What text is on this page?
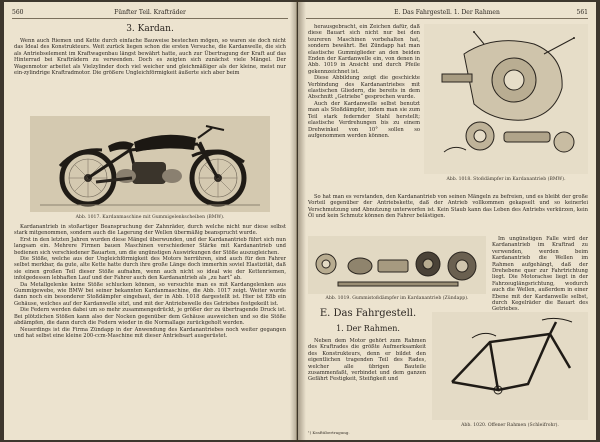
560	Fünfter Teil. Krafträder
3. Kardan.

Wenn auch Riemen und Kette durch einfache Bauweise bestechen mögen, so waren sie doch nicht das Ideal des Konstrukteurs. Weit zurück liegen schon die ersten Versuche, die Kardanwelle, die sich als Antriebselement im Kraftwagenbau längst bewährt hatte, auch zur Übertragung der Kraft auf das Hinterrad bei Krafträdern zu verwenden. Doch es zeigten sich zunächst viele Mängel. Der Wagenmotor arbeitet als Vielzylinder doch viel weicher und gleichmäßiger als der kleine, meist nur ein-zylindrige Kraftradmotor. Die größere Ungleichförmigkeit äußerte sich aber beim

Abb. 1017. Kardanmaschine mit Gummigelenkscheiben (BMW).

Kardanantrieb in stoßartiger Beanspruchung der Zahnräder, durch welche nicht nur diese selbst stark mitgenommen, sondern auch die Lagerung der Wellen übermäßig beansprucht wurde.

Erst in den letzten Jahren wurden diese Mängel überwunden, und der Kardanantrieb führt sich nun langsam ein. Mehrere Firmen bauen Maschinen verschiedener Stärke mit Kardanantrieb und bedienen sich verschiedener Bauarten, um die ungünstigen Auswirkungen der Stöße auszugleichen.

Die Stöße, welche aus der Ungleichförmigkeit des Motors herrühren, sind auch für den Fahrer selbst merkbar, da gute, alte Kette hatte durch ihre große Länge doch immerhin soviel Elastizität, daß sie einen großen Teil dieser Stöße aufnahm, wenn auch nicht so ideal wie der Kettenriemen, infolgedessen lebhaften Lauf und der Fahrer auch den Kardanantrieb als „zu hart“ ab.

Da Metallgelenke keine Stöße schlucken können, so versuchte man es mit Kardangelenken aus Gummigewebe, wie BMW bei seiner bekannten Kardanmaschine, die Abb. 1017 zeigt. Weiter wurde dann noch ein besonderer Stoßdämpfer eingebaut, der in Abb. 1018 dargestellt ist. Hier ist E8b ein Gehäuse, welches auf der Kardanwelle sitzt, und mit der Antriebswelle des Getriebes festgekeilt ist.

Die Federn werden dabei um so mehr zusammengedrückt, je größer der zu übertragende Druck ist. Bei plötzlichen Stößen kann also der Nocken gegenüber dem Gehäuse ausweichen und so die Stöße abdämpfen, die dann durch die Federn wieder in die Normallage zurückgeholt werden.

Neuerdings ist die Firma Zündapp in der Anwendung des Kardanantriebes noch weiter gegangen und hat selbst eine kleine 200-ccm-Maschine mit dieser Antriebsart ausgerüstet.

E. Das Fahrgestell. 1. Der Rahmen	561

herausgebracht, ein Zeichen dafür, daß diese Bauart sich nicht nur bei den teureren Maschinen vorbehalten hat, sondern bewährt. Bei Zündapp hat man elastische Gummiglieder an den beiden Enden der Kardanwelle ein, von denen in Abb. 1019 in Ansicht und durch Pfeile gekennzeichnet ist.

Diese Abbildung zeigt die geschickte Verbindung des Kardanantriebes mit elastischen Gliedern, die bereits in dem Abschnitt „Getriebe“ gesprochen wurde.

Auch der Kardanwelle selbst benutzt man als Stoßdämpfer, indem man sie zum Teil stark federnder Stahl herstellt; elastische Verdrehungen bis zu einem Drehwinkel von 10° sollen so aufgenommen werden können.

Abb. 1018. Stoßdämpfer im Kardanantrieb (BMW).

So hat man es verstanden, den Kardanantrieb von seinen Mängeln zu befreien, und es bleibt der große Vorteil gegenüber der Antriebskette, daß der Antrieb vollkommen gekapselt und so keinerlei Verschmutzung und Abnutzung unterworfen ist. Kein Staub kann das Leben des Antriebs verkürzen, kein Öl und kein Schmutz können den Fahrer belästigen.

Abb. 1019. Gummistoßdämpfer im Kardanantrieb (Zündapp).

Im ungünstigen Falle wird der Kardanantrieb im Kraftrad zu verwenden, werden beim Kardanantrieb die Wellen im Rahmen aufgehängt, daß der Drehebene quer zur Fahrtrichtung liegt. Die Motorachse liegt in der Fahrzeuglängsrichtung, wodurch auch die Wellen, außerdem in einer Ebene mit der Kardanwelle selbst, durch Kegelräder die Bauart des Getriebes.

E. Das Fahrgestell.
1. Der Rahmen.

Neben dem Motor gehört zum Rahmen des Kraftrades die größte Aufmerksamkeit des Konstrukteurs, denn er bildet den eigentlichen tragenden Teil des Rades, welcher alle übrigen Bauteile zusammenfaßt, verbindet und dem ganzen Gefährt Festigkeit, Steifigkeit und

¹) Kraftübertragung.
Abb. 1020. Offener Rahmen (Schleifrohr).
